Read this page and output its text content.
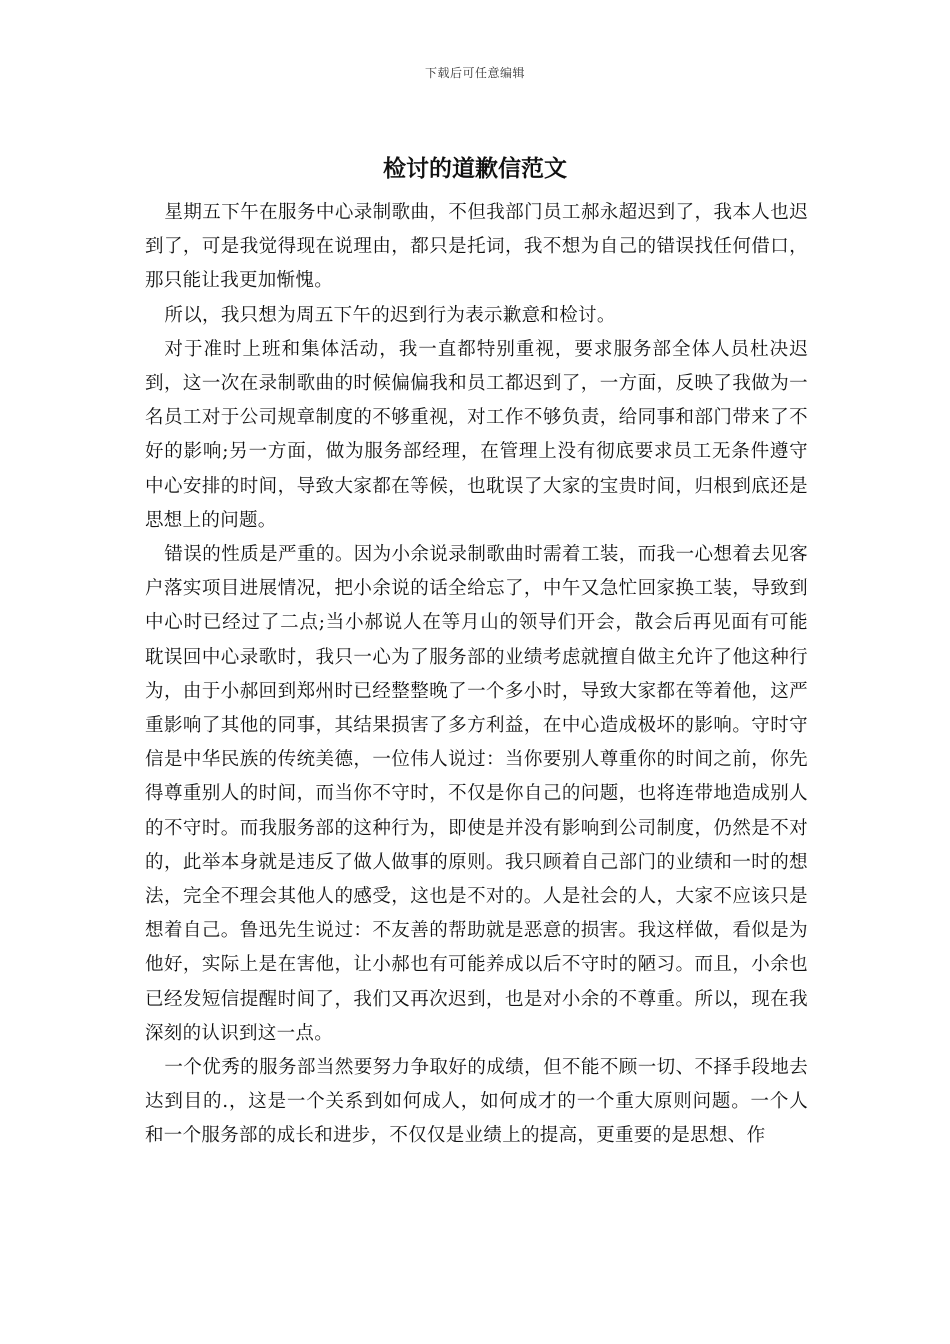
下载后可任意编辑
检讨的道歉信范文

星期五下午在服务中心录制歌曲，不但我部门员工郝永超迟到了，我本人也迟到了，可是我觉得现在说理由，都只是托词，我不想为自己的错误找任何借口，那只能让我更加惭愧。

所以，我只想为周五下午的迟到行为表示歉意和检讨。

对于准时上班和集体活动，我一直都特别重视，要求服务部全体人员杜决迟到，这一次在录制歌曲的时候偏偏我和员工都迟到了，一方面，反映了我做为一名员工对于公司规章制度的不够重视，对工作不够负责，给同事和部门带来了不好的影响;另一方面，做为服务部经理，在管理上没有彻底要求员工无条件遵守中心安排的时间，导致大家都在等候，也耽误了大家的宝贵时间，归根到底还是思想上的问题。

错误的性质是严重的。因为小余说录制歌曲时需着工装，而我一心想着去见客户落实项目进展情况，把小余说的话全给忘了，中午又急忙回家换工装，导致到中心时已经过了二点;当小郝说人在等月山的领导们开会，散会后再见面有可能耽误回中心录歌时，我只一心为了服务部的业绩考虑就擅自做主允许了他这种行为，由于小郝回到郑州时已经整整晚了一个多小时，导致大家都在等着他，这严重影响了其他的同事，其结果损害了多方利益，在中心造成极坏的影响。守时守信是中华民族的传统美德，一位伟人说过：当你要别人尊重你的时间之前，你先得尊重别人的时间，而当你不守时，不仅是你自己的问题，也将连带地造成别人的不守时。而我服务部的这种行为，即使是并没有影响到公司制度，仍然是不对的，此举本身就是违反了做人做事的原则。我只顾着自己部门的业绩和一时的想法，完全不理会其他人的感受，这也是不对的。人是社会的人，大家不应该只是想着自己。鲁迅先生说过：不友善的帮助就是恶意的损害。我这样做，看似是为他好，实际上是在害他，让小郝也有可能养成以后不守时的陋习。而且，小余也已经发短信提醒时间了，我们又再次迟到，也是对小余的不尊重。所以，现在我深刻的认识到这一点。

一个优秀的服务部当然要努力争取好的成绩，但不能不顾一切、不择手段地去达到目的.，这是一个关系到如何成人，如何成才的一个重大原则问题。一个人和一个服务部的成长和进步，不仅仅是业绩上的提高，更重要的是思想、作
